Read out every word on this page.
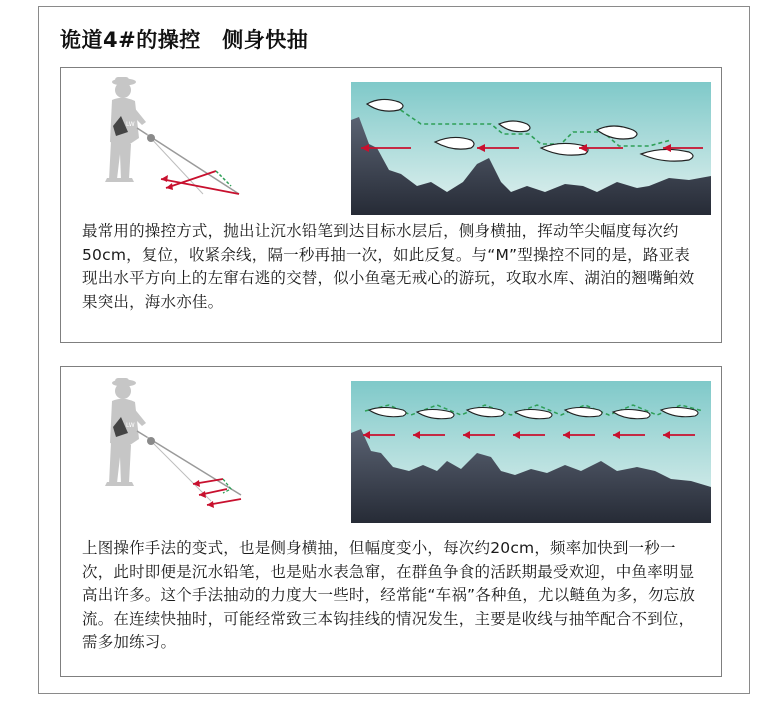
诡道4#的操控　侧身快抽
LW

最常用的操控方式，抛出让沉水铅笔到达目标水层后，侧身横抽，挥动竿尖幅度每次约50cm，复位，收紧余线，隔一秒再抽一次，如此反复。与“M”型操控不同的是，路亚表现出水平方向上的左窜右逃的交替，似小鱼毫无戒心的游玩，攻取水库、湖泊的翘嘴鲌效果突出，海水亦佳。

LW

上图操作手法的变式，也是侧身横抽，但幅度变小，每次约20cm，频率加快到一秒一次，此时即便是沉水铅笔，也是贴水表急窜，在群鱼争食的活跃期最受欢迎，中鱼率明显高出许多。这个手法抽动的力度大一些时，经常能“车祸”各种鱼，尤以鲢鱼为多，勿忘放流。在连续快抽时，可能经常致三本钩挂线的情况发生，主要是收线与抽竿配合不到位，需多加练习。
